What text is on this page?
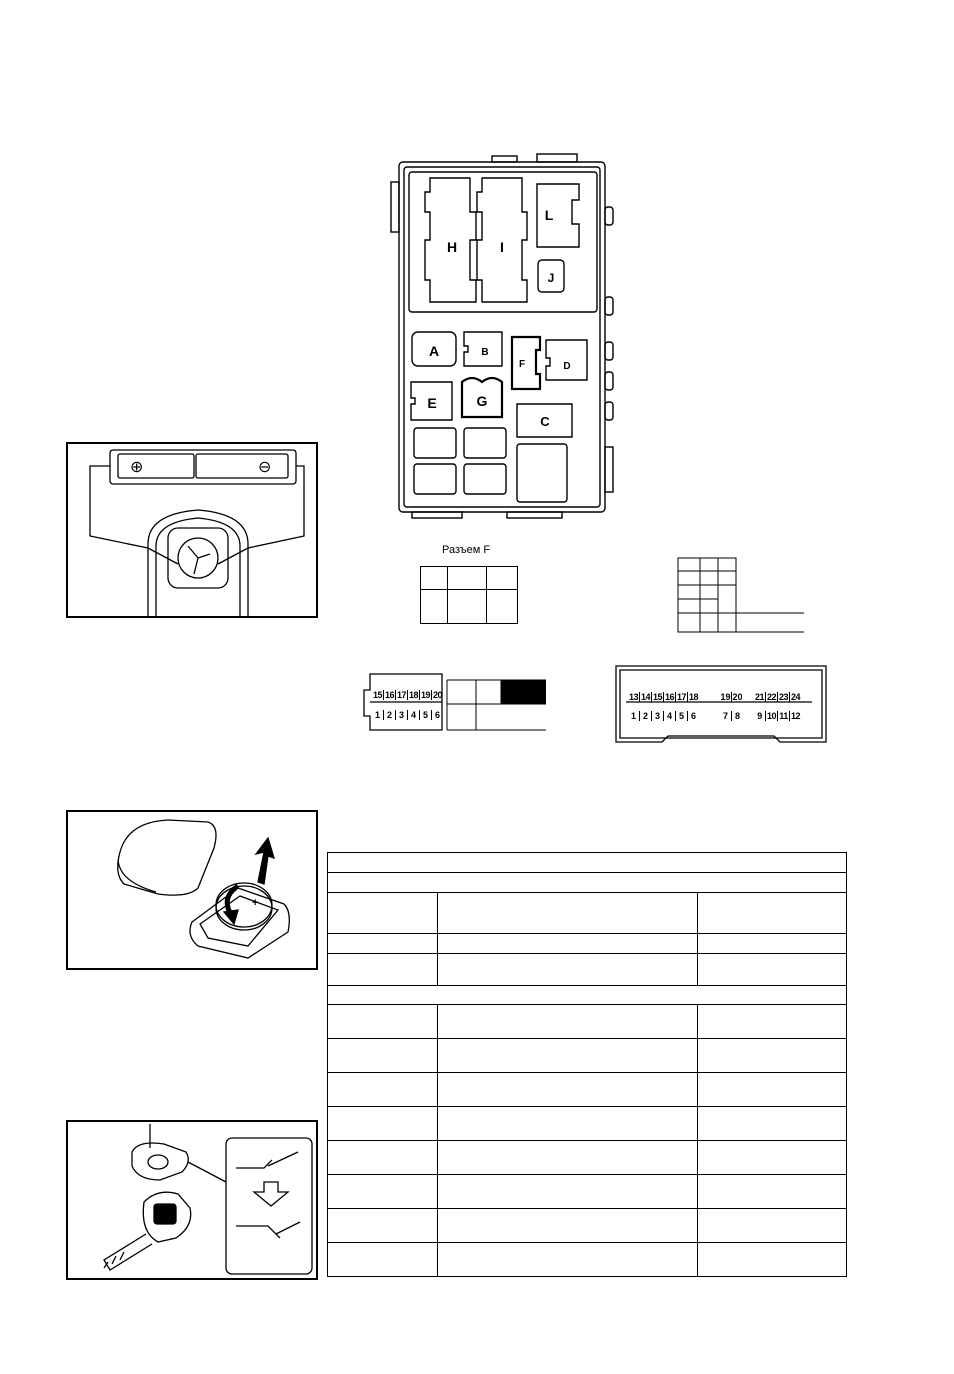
H	I
L
J
A	B
F	D
E	G
C
Разъем F

15 16 17 18 19 20
1 2 3 4 5 6
13 14 15 16 17 18 19 20 21 22 23 24
1 2 3 4 5 6	7 8	9 10 11 12
⊕	⊖
+
